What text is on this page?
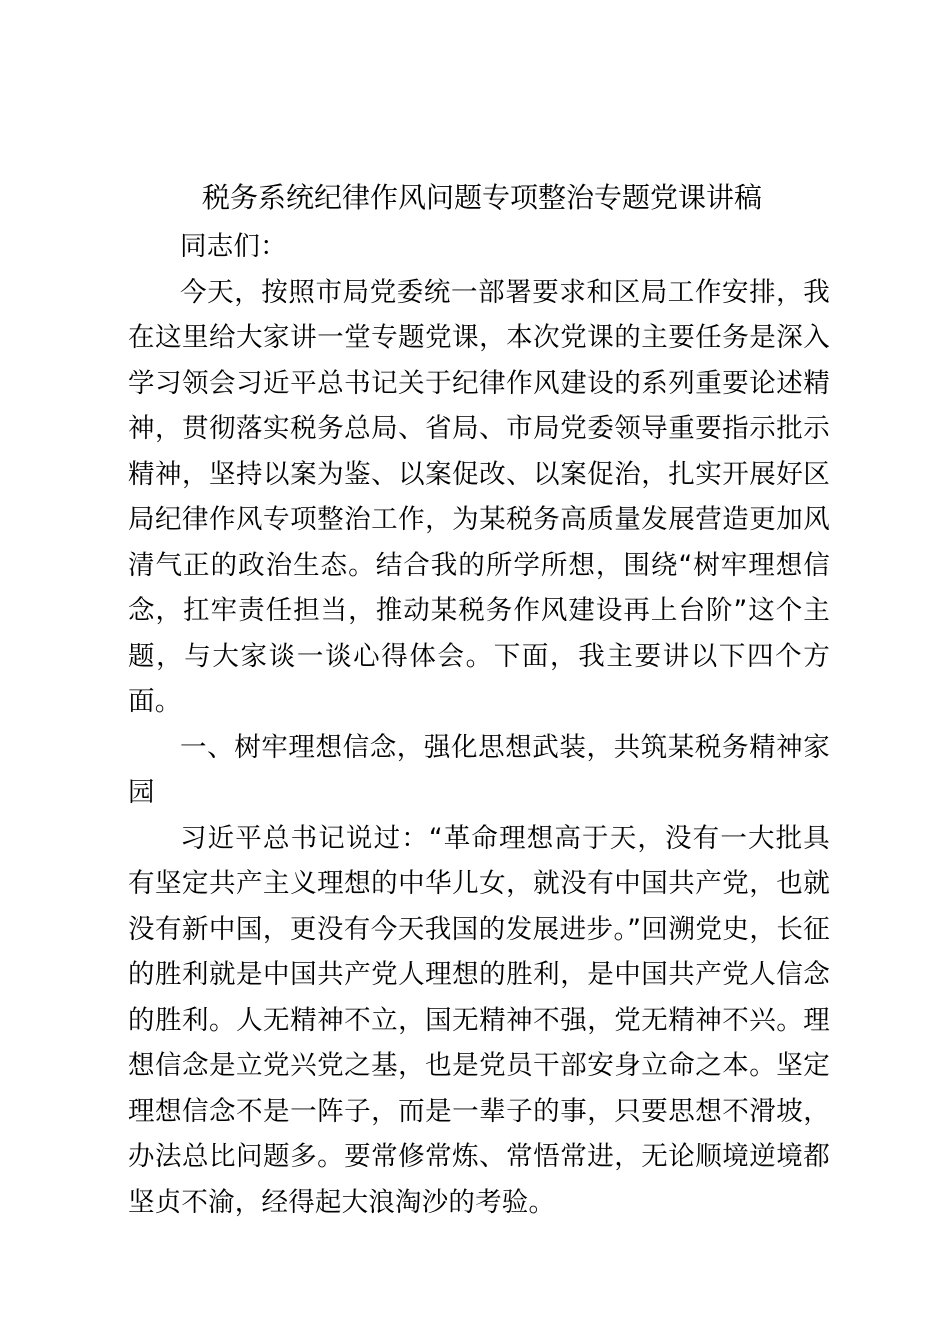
税务系统纪律作风问题专项整治专题党课讲稿

同志们：

今天，按照市局党委统一部署要求和区局工作安排，我在这里给大家讲一堂专题党课，本次党课的主要任务是深入学习领会习近平总书记关于纪律作风建设的系列重要论述精神，贯彻落实税务总局、省局、市局党委领导重要指示批示精神，坚持以案为鉴、以案促改、以案促治，扎实开展好区局纪律作风专项整治工作，为某税务高质量发展营造更加风清气正的政治生态。结合我的所学所想，围绕“树牢理想信念，扛牢责任担当，推动某税务作风建设再上台阶”这个主题，与大家谈一谈心得体会。下面，我主要讲以下四个方面。

一、树牢理想信念，强化思想武装，共筑某税务精神家园

习近平总书记说过：“革命理想高于天，没有一大批具有坚定共产主义理想的中华儿女，就没有中国共产党，也就没有新中国，更没有今天我国的发展进步。”回溯党史，长征的胜利就是中国共产党人理想的胜利，是中国共产党人信念的胜利。人无精神不立，国无精神不强，党无精神不兴。理想信念是立党兴党之基，也是党员干部安身立命之本。坚定理想信念不是一阵子，而是一辈子的事，只要思想不滑坡，办法总比问题多。要常修常炼、常悟常进，无论顺境逆境都坚贞不渝，经得起大浪淘沙的考验。
